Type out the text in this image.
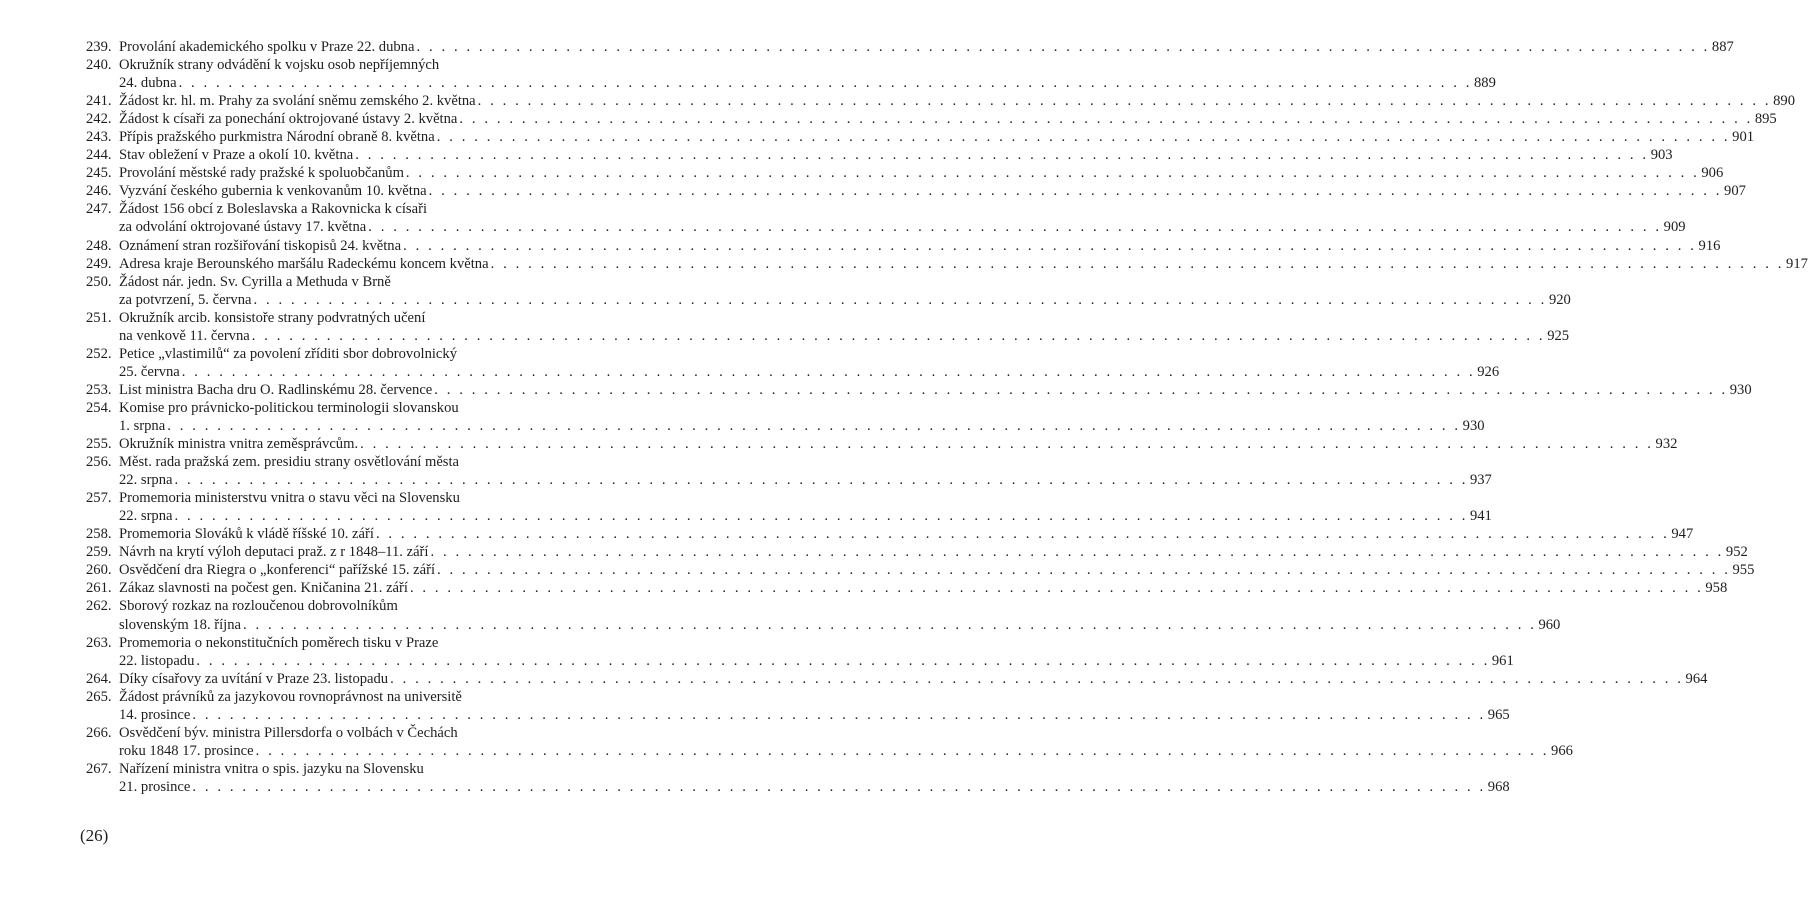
239. Provolání akademického spolku v Praze 22. dubna . . .	887
240. Okružník strany odvádění k vojsku osob nepříjemných
24. dubna . . .	889
241. Žádost kr. hl. m. Prahy za svolání sněmu zemského 2. května . . .	890
242. Žádost k císaři za ponechání oktrojované ústavy 2. května . . .	895
243. Přípis pražského purkmistra Národní obraně 8. května . . .	901
244. Stav obležení v Praze a okolí 10. května . . .	903
245. Provolání městské rady pražské k spoluobčanům . . .	906
246. Vyzvání českého gubernia k venkovanům 10. května . . .	907
247. Žádost 156 obcí z Boleslavska a Rakovnicka k císaři
za odvolání oktrojované ústavy 17. května . . .	909
248. Oznámení stran rozšiřování tiskopisů 24. května . . .	916
249. Adresa kraje Berounského maršálu Radeckému koncem května . . .	917
250. Žádost nár. jedn. Sv. Cyrilla a Methuda v Brně
za potvrzení, 5. června . . .	920
251. Okružník arcib. konsistoře strany podvratných učení
na venkově 11. června . . .	925
252. Petice „vlastimilů“ za povolení zříditi sbor dobrovolnický
25. června . . .	926
253. List ministra Bacha dru O. Radlinskému 28. července . . .	930
254. Komise pro právnicko-politickou terminologii slovanskou
1. srpna . . .	930
255. Okružník ministra vnitra zeměsprávcům. . . .	932
256. Měst. rada pražská zem. presidiu strany osvětlování města
22. srpna . . .	937
257. Promemoria ministerstvu vnitra o stavu věci na Slovensku
22. srpna . . .	941
258. Promemoria Slováků k vládě říšské 10. září . . .	947
259. Návrh na krytí výloh deputaci praž. z r 1848–11. září . . .	952
260. Osvědčení dra Riegra o „konferenci“ pařížské 15. září . . .	955
261. Zákaz slavnosti na počest gen. Kničanina 21. září . . .	958
262. Sborový rozkaz na rozloučenou dobrovolníkům
slovenským 18. října . . .	960
263. Promemoria o nekonstitučních poměrech tisku v Praze
22. listopadu . . .	961
264. Díky císařovy za uvítání v Praze 23. listopadu . . .	964
265. Žádost právníků za jazykovou rovnoprávnost na universitě
14. prosince . . .	965
266. Osvědčení býv. ministra Pillersdorfa o volbách v Čechách
roku 1848 17. prosince . . .	966
267. Nařízení ministra vnitra o spis. jazyku na Slovensku
21. prosince . . .	968
(26)
